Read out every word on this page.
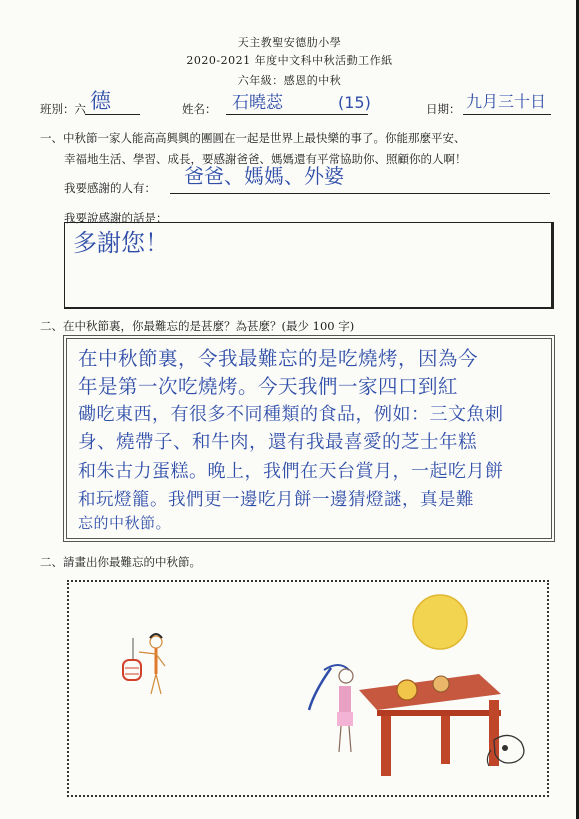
天主教聖安德肋小學
2020-2021 年度中文科中秋活動工作紙
六年級：感恩的中秋
班別：六 德	姓名： 石曉蕊	(15)	日期： 九月三十日
一、中秋節一家人能高高興興的團圓在一起是世界上最快樂的事了。你能那麼平安、
幸福地生活、學習、成長，要感謝爸爸、媽媽還有平常協助你、照顧你的人啊！
我要感謝的人有： 爸爸、媽媽、外婆
我要說感謝的話是：
多謝您！
二、在中秋節裏，你最難忘的是甚麼？為甚麼？(最少 100 字)
在中秋節裏，令我最難忘的是吃燒烤，因為今
年是第一次吃燒烤。今天我們一家四口到紅
磡吃東西，有很多不同種類的食品，例如：三文魚刺
身、燒帶子、和牛肉，還有我最喜愛的芝士年糕
和朱古力蛋糕。晚上，我們在天台賞月，一起吃月餅
和玩燈籠。我們更一邊吃月餅一邊猜燈謎，真是難
忘的中秋節。
二、請畫出你最難忘的中秋節。
